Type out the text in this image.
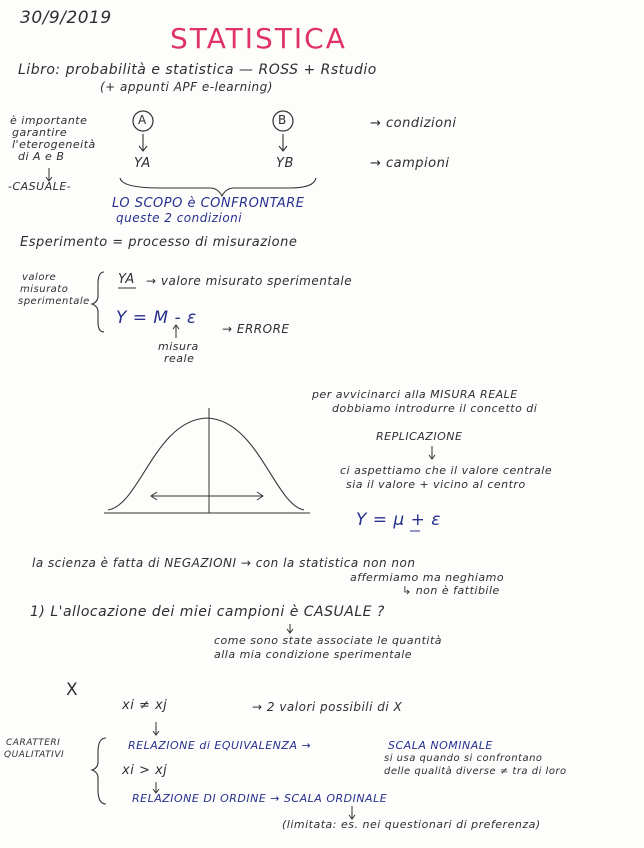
30/9/2019
STATISTICA
Libro: probabilità e statistica — ROSS + Rstudio
(+ appunti APF e-learning)
è importante
garantire
l'eterogeneità
di A e B
-CASUALE-
A	B
YA	YB
→ condizioni
→ campioni
LO SCOPO è CONFRONTARE
queste 2 condizioni
Esperimento = processo di misurazione
valore
misurato
sperimentale
YA → valore misurato sperimentale
Y = M - ε
→ ERRORE
misura
reale
per avvicinarci alla MISURA REALE
dobbiamo introdurre il concetto di
REPLICAZIONE
ci aspettiamo che il valore centrale
sia il valore + vicino al centro
Y = μ + ε
la scienza è fatta di NEGAZIONI → con la statistica non non
affermiamo ma neghiamo
↳ non è fattibile
1) L'allocazione dei miei campioni è CASUALE ?
come sono state associate le quantità
alla mia condizione sperimentale
X
xi ≠ xj	→ 2 valori possibili di X
CARATTERI
QUALITATIVI
RELAZIONE di EQUIVALENZA →	SCALA NOMINALE
si usa quando si confrontano
delle qualità diverse ≠ tra di loro
xi > xj
RELAZIONE DI ORDINE → SCALA ORDINALE
(limitata: es. nei questionari di preferenza)
